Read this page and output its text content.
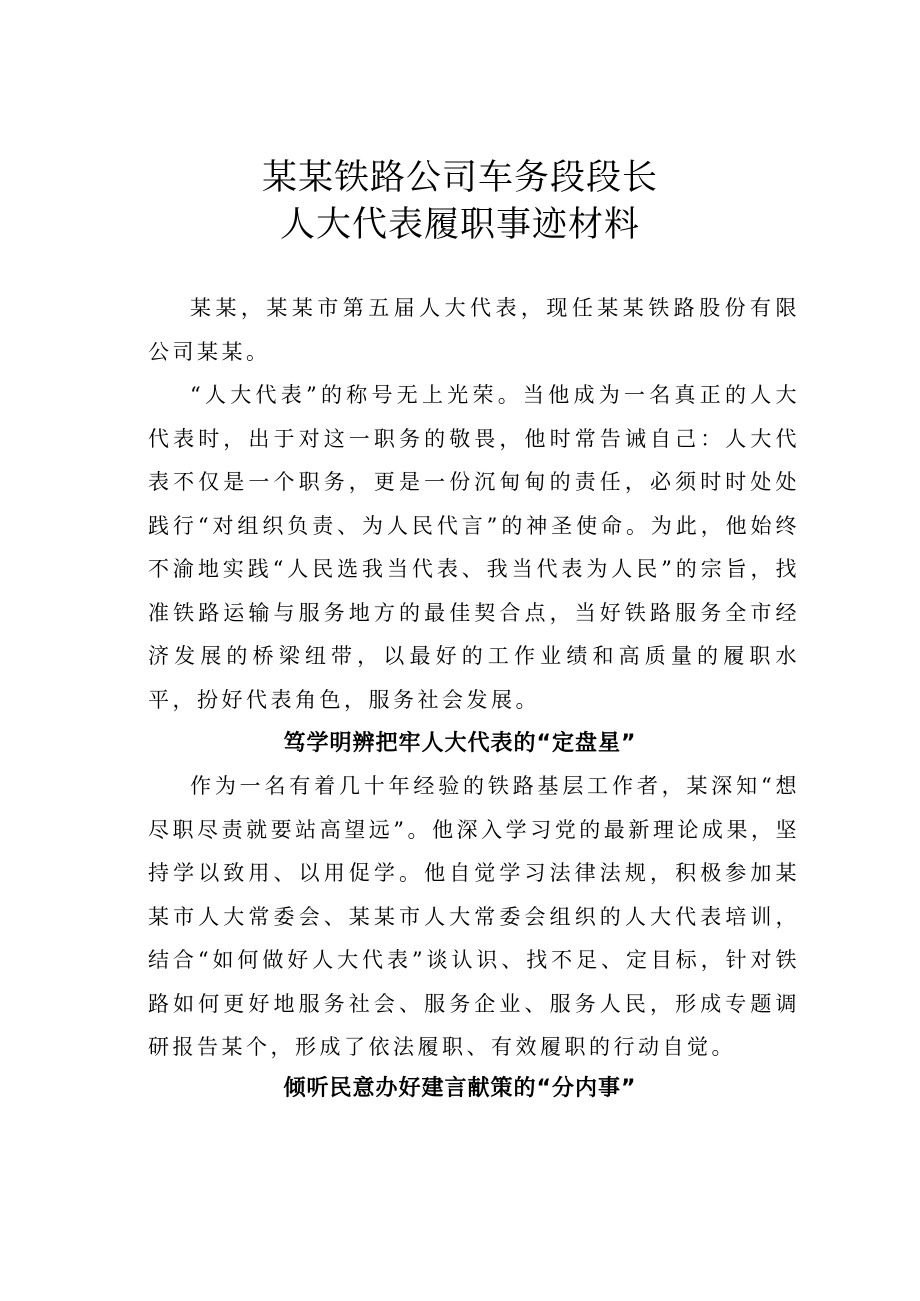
某某铁路公司车务段段长
人大代表履职事迹材料

某某，某某市第五届人大代表，现任某某铁路股份有限公司某某。

“人大代表”的称号无上光荣。当他成为一名真正的人大代表时，出于对这一职务的敬畏，他时常告诫自己：人大代表不仅是一个职务，更是一份沉甸甸的责任，必须时时处处践行“对组织负责、为人民代言”的神圣使命。为此，他始终不渝地实践“人民选我当代表、我当代表为人民”的宗旨，找准铁路运输与服务地方的最佳契合点，当好铁路服务全市经济发展的桥梁纽带，以最好的工作业绩和高质量的履职水平，扮好代表角色，服务社会发展。

笃学明辨把牢人大代表的“定盘星”

作为一名有着几十年经验的铁路基层工作者，某深知“想尽职尽责就要站高望远”。他深入学习党的最新理论成果，坚持学以致用、以用促学。他自觉学习法律法规，积极参加某某市人大常委会、某某市人大常委会组织的人大代表培训，结合“如何做好人大代表”谈认识、找不足、定目标，针对铁路如何更好地服务社会、服务企业、服务人民，形成专题调研报告某个，形成了依法履职、有效履职的行动自觉。

倾听民意办好建言献策的“分内事”
